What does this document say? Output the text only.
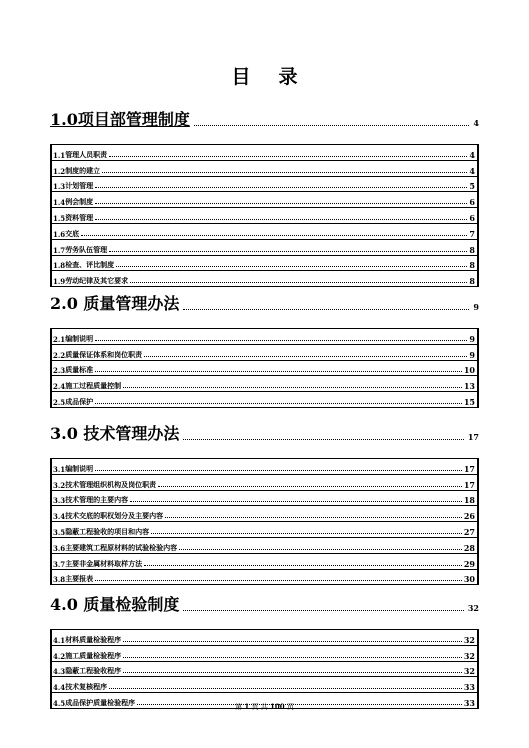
目 录
1.0项目部管理制度	4
1.1 管理人员职责	4
1.2 制度的建立	4
1.3 计划管理	5
1.4 例会制度	6
1.5 资料管理	6
1.6 交底	7
1.7 劳务队伍管理	8
1.8 检查、评比制度	8
1.9 劳动纪律及其它要求	8
2.0 质量管理办法	9
2.1 编制说明	9
2.2 质量保证体系和岗位职责	9
2.3 质量标准	10
2.4 施工过程质量控制	13
2.5 成品保护	15
3.0 技术管理办法	17
3.1 编制说明	17
3.2 技术管理组织机构及岗位职责	17
3.3 技术管理的主要内容	18
3.4 技术交底的职权划分及主要内容	26
3.5 隐蔽工程验收的项目和内容	27
3.6 主要建筑工程原材料的试验检验内容	28
3.7 主要非金属材料取样方法	29
3.8 主要报表	30
4.0 质量检验制度	32
4.1 材料质量检验程序	32
4.2 施工质量检验程序	32
4.3 隐蔽工程验收程序	32
4.4 技术复核程序	33
4.5 成品保护质量检验程序	33
第 1 页 共 100 页
